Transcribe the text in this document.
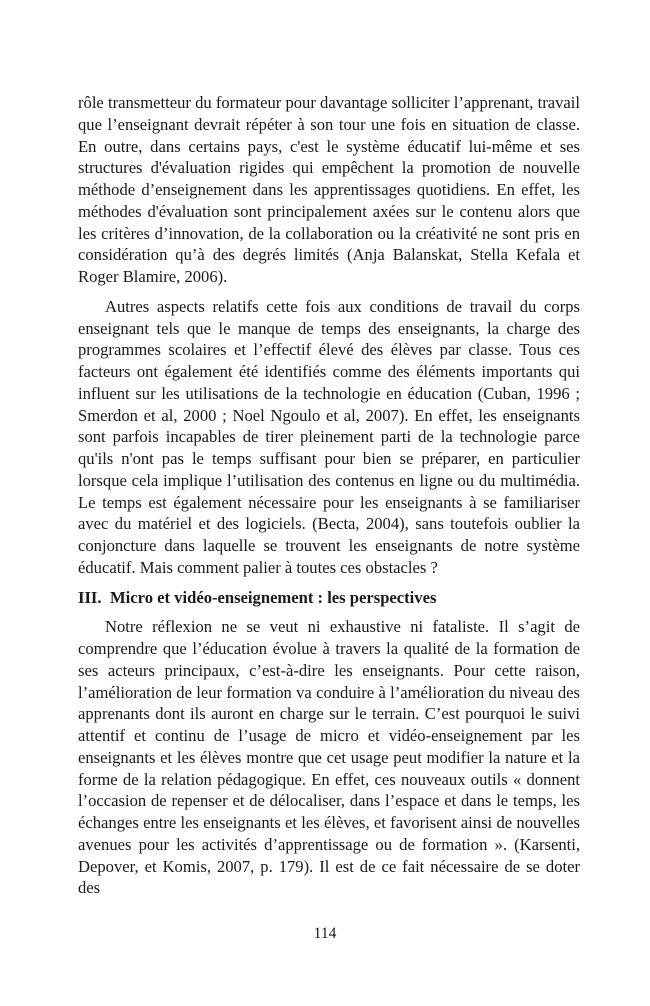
rôle transmetteur du formateur pour davantage solliciter l’apprenant, travail que l’enseignant devrait répéter à son tour une fois en situation de classe. En outre, dans certains pays, c'est le système éducatif lui-même et ses structures d'évaluation rigides qui empêchent la promotion de nouvelle méthode d’enseignement dans les apprentissages quotidiens. En effet, les méthodes d'évaluation sont principalement axées sur le contenu alors que les critères d’innovation, de la collaboration ou la créativité ne sont pris en considération qu’à des degrés limités (Anja Balanskat, Stella Kefala et Roger Blamire, 2006).

Autres aspects relatifs cette fois aux conditions de travail du corps enseignant tels que le manque de temps des enseignants, la charge des programmes scolaires et l’effectif élevé des élèves par classe. Tous ces facteurs ont également été identifiés comme des éléments importants qui influent sur les utilisations de la technologie en éducation (Cuban, 1996 ; Smerdon et al, 2000 ; Noel Ngoulo et al, 2007). En effet, les enseignants sont parfois incapables de tirer pleinement parti de la technologie parce qu'ils n'ont pas le temps suffisant pour bien se préparer, en particulier lorsque cela implique l’utilisation des contenus en ligne ou du multimédia. Le temps est également nécessaire pour les enseignants à se familiariser avec du matériel et des logiciels. (Becta, 2004), sans toutefois oublier la conjoncture dans laquelle se trouvent les enseignants de notre système éducatif. Mais comment palier à toutes ces obstacles ?

III. Micro et vidéo-enseignement : les perspectives

Notre réflexion ne se veut ni exhaustive ni fataliste. Il s’agit de comprendre que l’éducation évolue à travers la qualité de la formation de ses acteurs principaux, c’est-à-dire les enseignants. Pour cette raison, l’amélioration de leur formation va conduire à l’amélioration du niveau des apprenants dont ils auront en charge sur le terrain. C’est pourquoi le suivi attentif et continu de l’usage de micro et vidéo-enseignement par les enseignants et les élèves montre que cet usage peut modifier la nature et la forme de la relation pédagogique. En effet, ces nouveaux outils « donnent l’occasion de repenser et de délocaliser, dans l’espace et dans le temps, les échanges entre les enseignants et les élèves, et favorisent ainsi de nouvelles avenues pour les activités d’apprentissage ou de formation ». (Karsenti, Depover, et Komis, 2007, p. 179). Il est de ce fait nécessaire de se doter des

114
